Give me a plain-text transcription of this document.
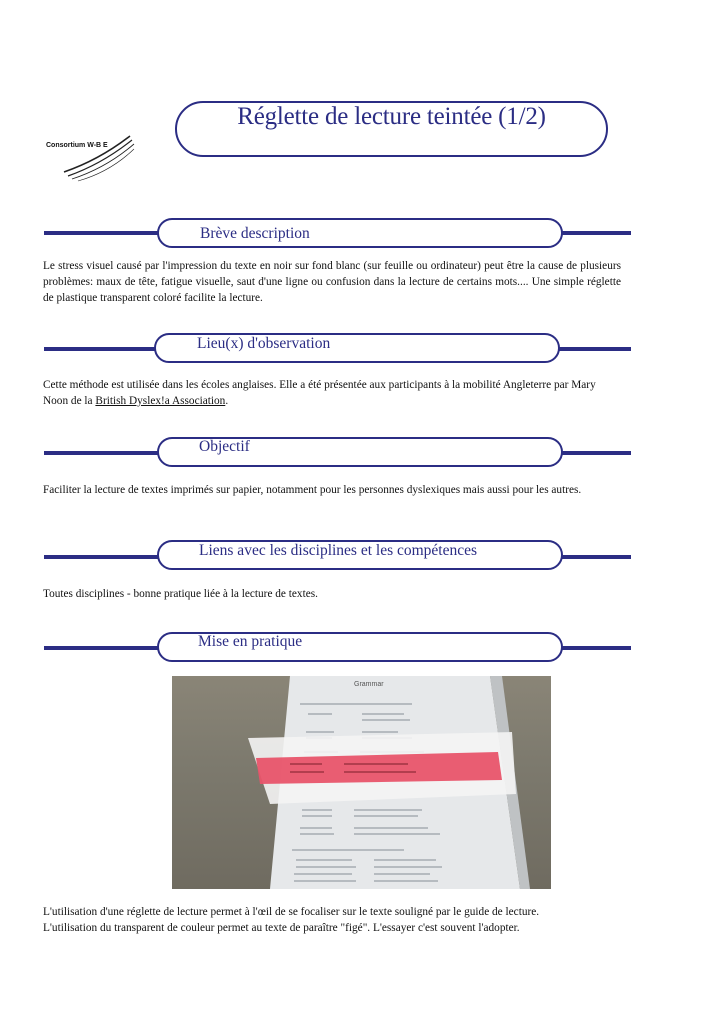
Réglette de lecture teintée (1/2)
Consortium W-B E
Brève description
Le stress visuel causé par l'impression du texte en noir sur fond blanc (sur feuille ou ordinateur) peut être la cause de plusieurs problèmes: maux de tête, fatigue visuelle, saut d'une ligne ou confusion dans la lecture de certains mots.... Une simple réglette de plastique transparent coloré facilite la lecture.
Lieu(x) d'observation
Cette méthode est utilisée dans les écoles anglaises. Elle a été présentée aux participants à la mobilité Angleterre par Mary Noon de la British Dyslex!a Association.
Objectif
Faciliter la lecture de textes imprimés sur papier, notamment pour les personnes dyslexiques mais aussi pour les autres.
Liens avec les disciplines et les compétences
Toutes disciplines - bonne pratique liée à la lecture de textes.
Mise en pratique
Grammar
L'utilisation d'une réglette de lecture permet à l'œil de se focaliser sur le texte souligné par le guide de lecture.
L'utilisation du transparent de couleur permet au texte de paraître "figé". L'essayer c'est souvent l'adopter.
